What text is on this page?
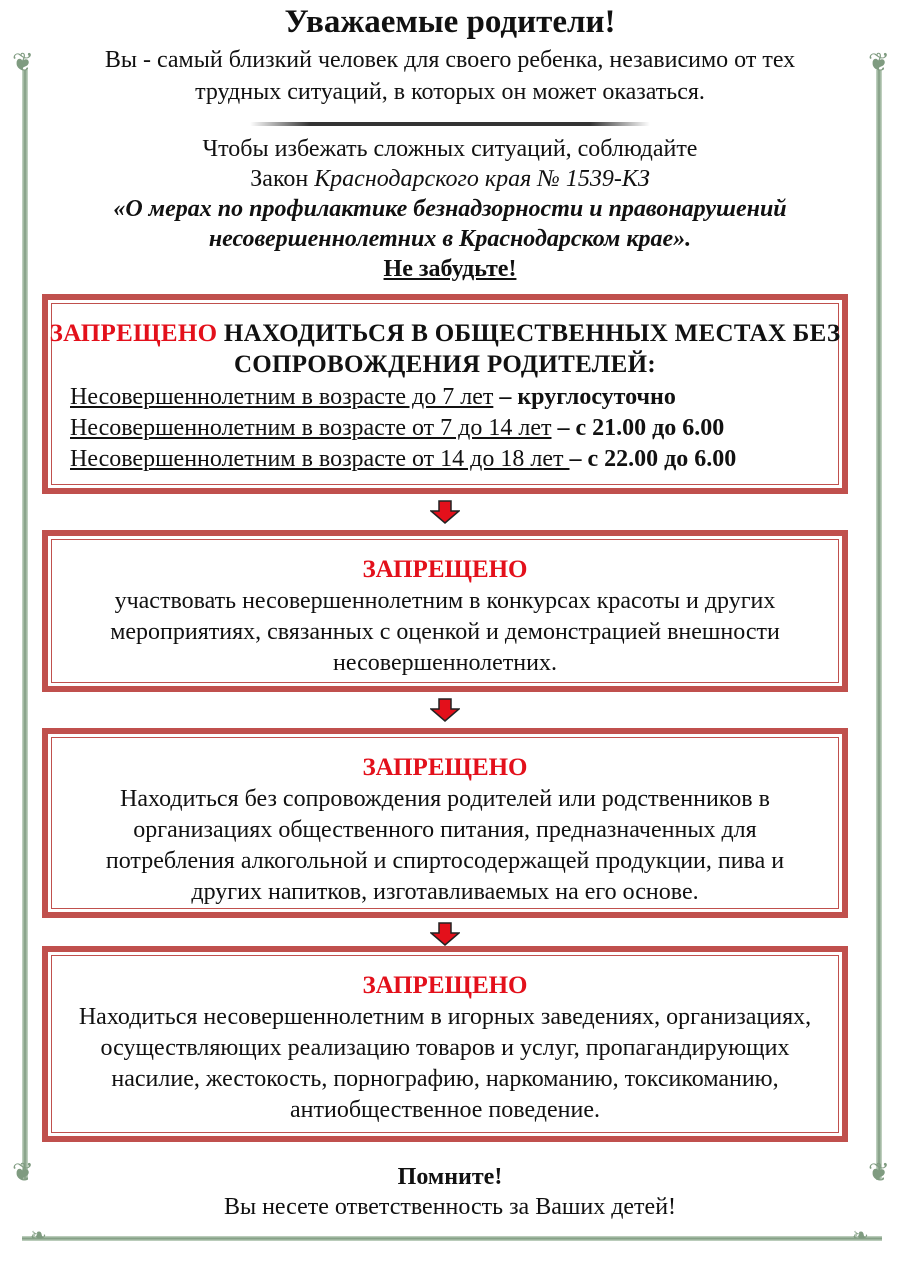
❦	❦
❦	❦
❧	❧
Уважаемые родители!
Вы - самый близкий человек для своего ребенка, независимо от тех трудных ситуаций, в которых он может оказаться.
Чтобы избежать сложных ситуаций, соблюдайте
Закон Краснодарского края № 1539-КЗ
«О мерах по профилактике безнадзорности и правонарушений несовершеннолетних в Краснодарском крае».
Не забудьте!
ЗАПРЕЩЕНО НАХОДИТЬСЯ В ОБЩЕСТВЕННЫХ МЕСТАХ БЕЗ СОПРОВОЖДЕНИЯ РОДИТЕЛЕЙ:
Несовершеннолетним в возрасте до 7 лет – круглосуточно
Несовершеннолетним в возрасте от 7 до 14 лет – с 21.00 до 6.00
Несовершеннолетним в возрасте от 14 до 18 лет – с 22.00 до 6.00
ЗАПРЕЩЕНО
участвовать несовершеннолетним в конкурсах красоты и других мероприятиях, связанных с оценкой и демонстрацией внешности несовершеннолетних.
ЗАПРЕЩЕНО
Находиться без сопровождения родителей или родственников в организациях общественного питания, предназначенных для потребления алкогольной и спиртосодержащей продукции, пива и других напитков, изготавливаемых на его основе.
ЗАПРЕЩЕНО
Находиться несовершеннолетним в игорных заведениях, организациях, осуществляющих реализацию товаров и услуг, пропагандирующих насилие, жестокость, порнографию, наркоманию, токсикоманию, антиобщественное поведение.
Помните!
Вы несете ответственность за Ваших детей!
